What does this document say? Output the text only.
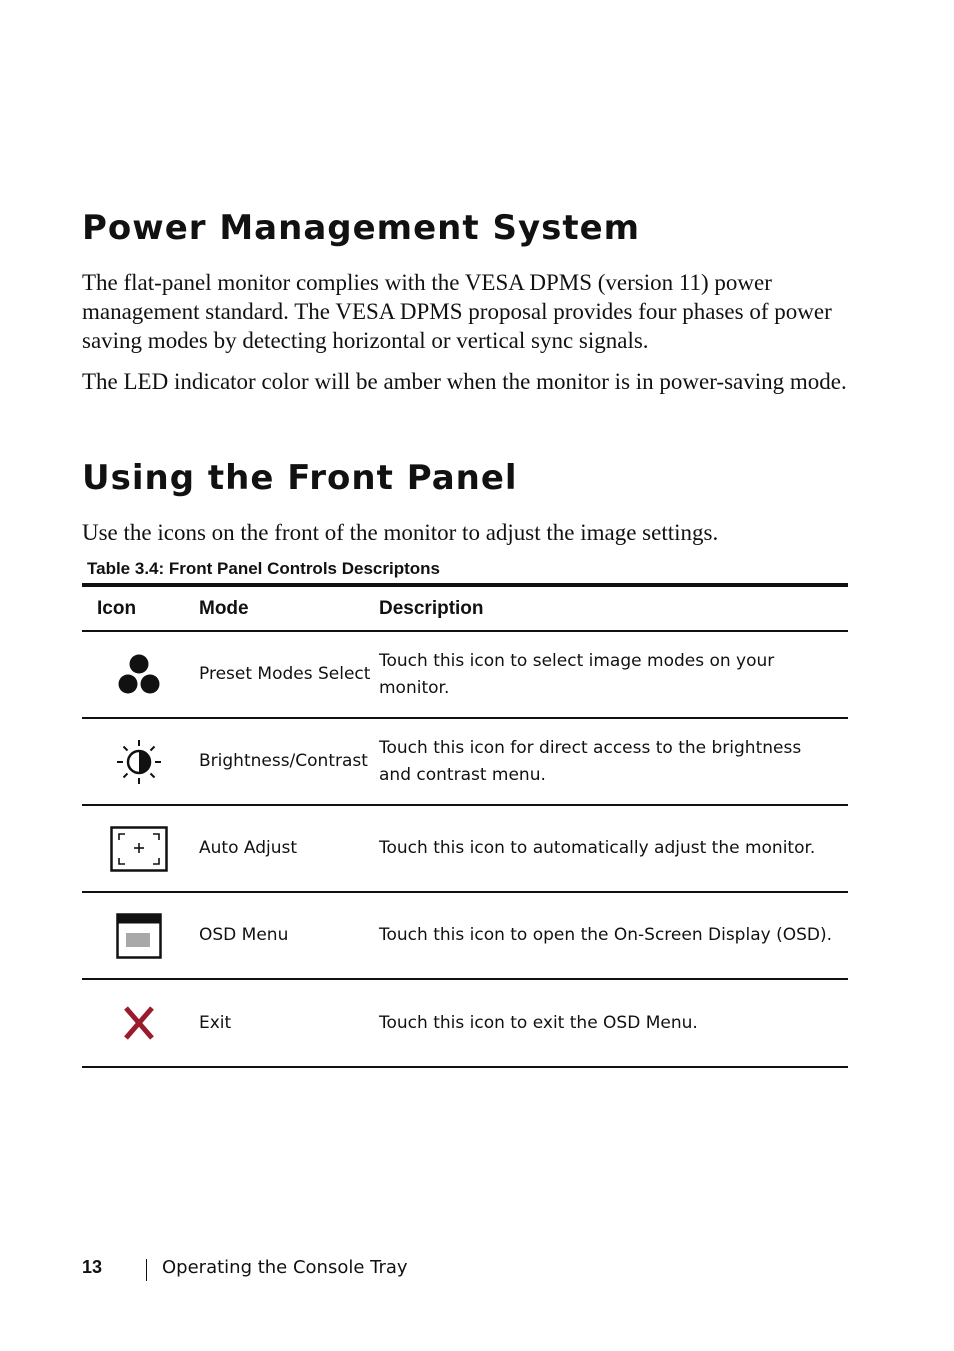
Power Management System

The flat-panel monitor complies with the VESA DPMS (version 11) power management standard. The VESA DPMS proposal provides four phases of power saving modes by detecting horizontal or vertical sync signals.

The LED indicator color will be amber when the monitor is in power-saving mode.

Using the Front Panel

Use the icons on the front of the monitor to adjust the image settings.

Table 3.4: Front Panel Controls Descriptons

Icon	Mode	Description
	Preset Modes Select	Touch this icon to select image modes on your monitor.
	Brightness/Contrast	Touch this icon for direct access to the brightness and contrast menu.
	Auto Adjust	Touch this icon to automatically adjust the monitor.
	OSD Menu	Touch this icon to open the On-Screen Display (OSD).
	Exit	Touch this icon to exit the OSD Menu.
13	Operating the Console Tray
